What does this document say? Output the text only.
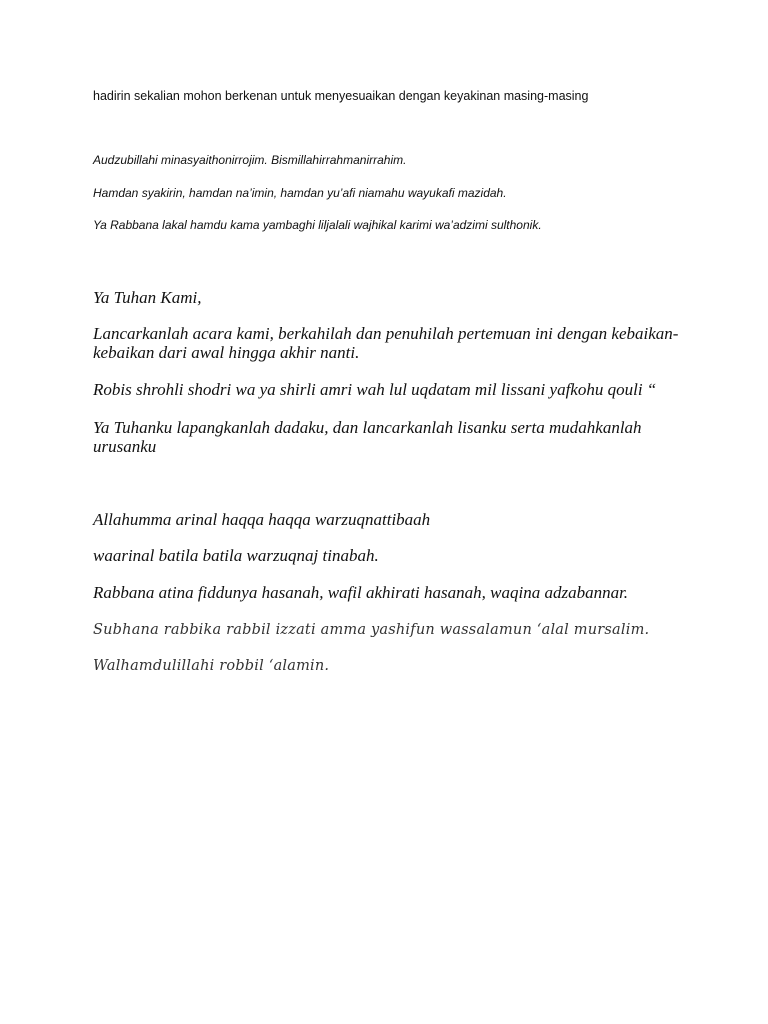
hadirin sekalian mohon berkenan untuk menyesuaikan dengan keyakinan masing-masing

Audzubillahi minasyaithonirrojim. Bismillahirrahmanirrahim.

Hamdan syakirin, hamdan na’imin, hamdan yu’afi niamahu wayukafi mazidah.

Ya Rabbana lakal hamdu kama yambaghi liljalali wajhikal karimi wa’adzimi sulthonik.

Ya Tuhan Kami,

Lancarkanlah acara kami, berkahilah dan penuhilah pertemuan ini dengan kebaikan-kebaikan dari awal hingga akhir nanti.

Robis shrohli shodri wa ya shirli amri wah lul uqdatam mil lissani yafkohu qouli “

Ya Tuhanku lapangkanlah dadaku, dan lancarkanlah lisanku serta mudahkanlah urusanku

Allahumma arinal haqqa haqqa warzuqnattibaah

waarinal batila batila warzuqnaj tinabah.

Rabbana atina fiddunya hasanah, wafil akhirati hasanah, waqina adzabannar.

Subhana rabbika rabbil izzati amma yashifun wassalamun ‘alal mursalim.

Walhamdulillahi robbil ‘alamin.
